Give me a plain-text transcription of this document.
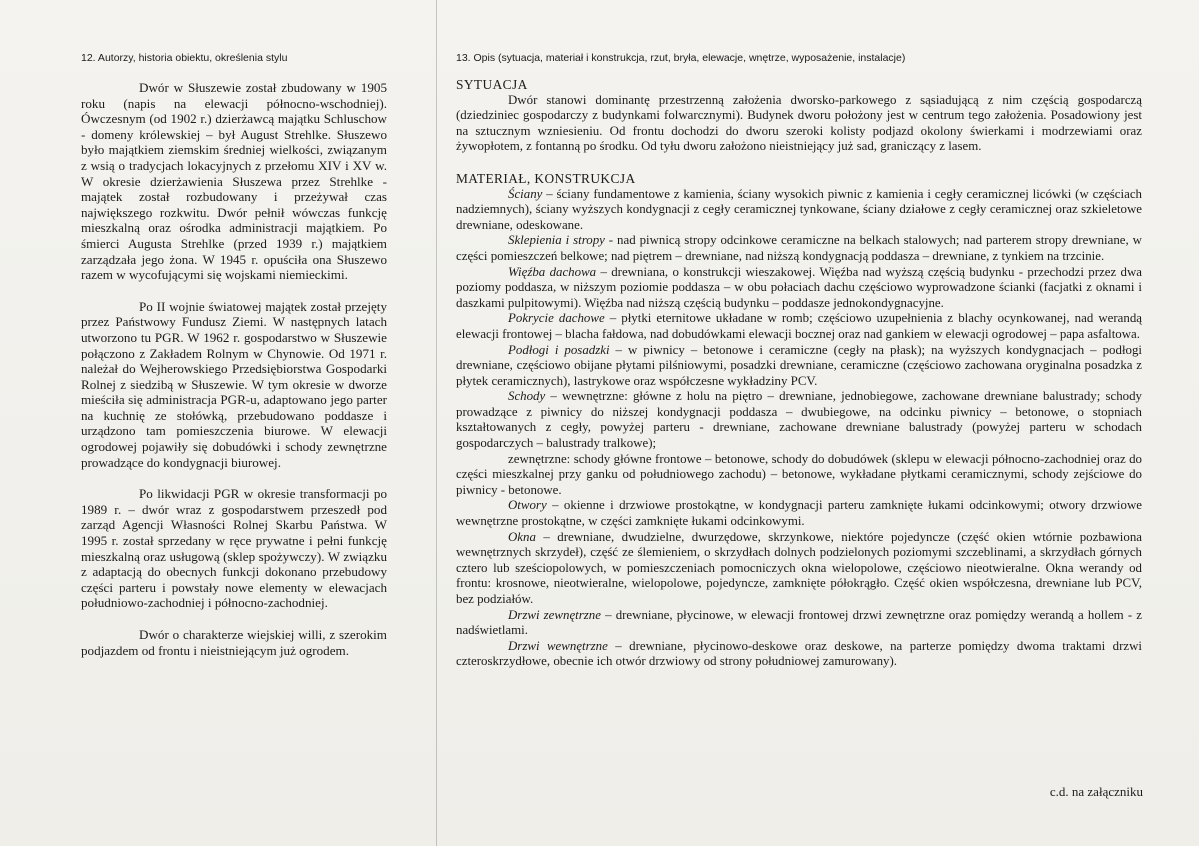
12. Autorzy, historia obiektu, określenia stylu

Dwór w Słuszewie został zbudowany w 1905 roku (napis na elewacji północno-wschodniej). Ówczesnym (od 1902 r.) dzierżawcą majątku Schluschow - domeny królewskiej – był August Strehlke. Słuszewo było majątkiem ziemskim średniej wielkości, związanym z wsią o tradycjach lokacyjnych z przełomu XIV i XV w. W okresie dzierżawienia Słuszewa przez Strehlke - majątek został rozbudowany i przeżywał czas największego rozkwitu. Dwór pełnił wówczas funkcję mieszkalną oraz ośrodka administracji majątkiem. Po śmierci Augusta Strehlke (przed 1939 r.) majątkiem zarządzała jego żona. W 1945 r. opuściła ona Słuszewo razem w wycofującymi się wojskami niemieckimi.

Po II wojnie światowej majątek został przejęty przez Państwowy Fundusz Ziemi. W następnych latach utworzono tu PGR. W 1962 r. gospodarstwo w Słuszewie połączono z Zakładem Rolnym w Chynowie. Od 1971 r. należał do Wejherowskiego Przedsiębiorstwa Gospodarki Rolnej z siedzibą w Słuszewie. W tym okresie w dworze mieściła się administracja PGR-u, adaptowano jego parter na kuchnię ze stołówką, przebudowano poddasze i urządzono tam pomieszczenia biurowe. W elewacji ogrodowej pojawiły się dobudówki i schody zewnętrzne prowadzące do kondygnacji biurowej.

Po likwidacji PGR w okresie transformacji po 1989 r. – dwór wraz z gospodarstwem przeszedł pod zarząd Agencji Własności Rolnej Skarbu Państwa. W 1995 r. został sprzedany w ręce prywatne i pełni funkcję mieszkalną oraz usługową (sklep spożywczy). W związku z adaptacją do obecnych funkcji dokonano przebudowy części parteru i powstały nowe elementy w elewacjach południowo-zachodniej i północno-zachodniej.

Dwór o charakterze wiejskiej willi, z szerokim podjazdem od frontu i nieistniejącym już ogrodem.

13. Opis (sytuacja, materiał i konstrukcja, rzut, bryła, elewacje, wnętrze, wyposażenie, instalacje)

SYTUACJA

Dwór stanowi dominantę przestrzenną założenia dworsko-parkowego z sąsiadującą z nim częścią gospodarczą (dziedziniec gospodarczy z budynkami folwarcznymi). Budynek dworu położony jest w centrum tego założenia. Posadowiony jest na sztucznym wzniesieniu. Od frontu dochodzi do dworu szeroki kolisty podjazd okolony świerkami i modrzewiami oraz żywopłotem, z fontanną po środku. Od tyłu dworu założono nieistniejący już sad, graniczący z lasem.

MATERIAŁ, KONSTRUKCJA

Ściany – ściany fundamentowe z kamienia, ściany wysokich piwnic z kamienia i cegły ceramicznej licówki (w częściach nadziemnych), ściany wyższych kondygnacji z cegły ceramicznej tynkowane, ściany działowe z cegły ceramicznej oraz szkieletowe drewniane, odeskowane.

Sklepienia i stropy - nad piwnicą stropy odcinkowe ceramiczne na belkach stalowych; nad parterem stropy drewniane, w części pomieszczeń belkowe; nad piętrem – drewniane, nad niższą kondygnacją poddasza – drewniane, z tynkiem na trzcinie.

Więźba dachowa – drewniana, o konstrukcji wieszakowej. Więźba nad wyższą częścią budynku - przechodzi przez dwa poziomy poddasza, w niższym poziomie poddasza – w obu połaciach dachu częściowo wyprowadzone ścianki (facjatki z oknami i daszkami pulpitowymi). Więźba nad niższą częścią budynku – poddasze jednokondygnacyjne.

Pokrycie dachowe – płytki eternitowe układane w romb; częściowo uzupełnienia z blachy ocynkowanej, nad werandą elewacji frontowej – blacha fałdowa, nad dobudówkami elewacji bocznej oraz nad gankiem w elewacji ogrodowej – papa asfaltowa.

Podłogi i posadzki – w piwnicy – betonowe i ceramiczne (cegły na płask); na wyższych kondygnacjach – podłogi drewniane, częściowo obijane płytami pilśniowymi, posadzki drewniane, ceramiczne (częściowo zachowana oryginalna posadzka z płytek ceramicznych), lastrykowe oraz współczesne wykładziny PCV.

Schody – wewnętrzne: główne z holu na piętro – drewniane, jednobiegowe, zachowane drewniane balustrady; schody prowadzące z piwnicy do niższej kondygnacji poddasza – dwubiegowe, na odcinku piwnicy – betonowe, o stopniach kształtowanych z cegły, powyżej parteru - drewniane, zachowane drewniane balustrady (powyżej parteru w schodach gospodarczych – balustrady tralkowe);

zewnętrzne: schody główne frontowe – betonowe, schody do dobudówek (sklepu w elewacji północno-zachodniej oraz do części mieszkalnej przy ganku od południowego zachodu) – betonowe, wykładane płytkami ceramicznymi, schody zejściowe do piwnicy - betonowe.

Otwory – okienne i drzwiowe prostokątne, w kondygnacji parteru zamknięte łukami odcinkowymi; otwory drzwiowe wewnętrzne prostokątne, w części zamknięte łukami odcinkowymi.

Okna – drewniane, dwudzielne, dwurzędowe, skrzynkowe, niektóre pojedyncze (część okien wtórnie pozbawiona wewnętrznych skrzydeł), część ze ślemieniem, o skrzydłach dolnych podzielonych poziomymi szczeblinami, a skrzydłach górnych czterо lub sześciopolowych, w pomieszczeniach pomocniczych okna wielopolowe, częściowo nieotwieralne. Okna werandy od frontu: krosnowe, nieotwieralne, wielopolowe, pojedyncze, zamknięte półokrągło. Część okien współczesna, drewniane lub PCV, bez podziałów.

Drzwi zewnętrzne – drewniane, płycinowe, w elewacji frontowej drzwi zewnętrzne oraz pomiędzy werandą a hollem - z nadświetlami.

Drzwi wewnętrzne – drewniane, płycinowo-deskowe oraz deskowe, na parterze pomiędzy dwoma traktami drzwi czteroskrzydłowe, obecnie ich otwór drzwiowy od strony południowej zamurowany).

c.d. na załączniku
